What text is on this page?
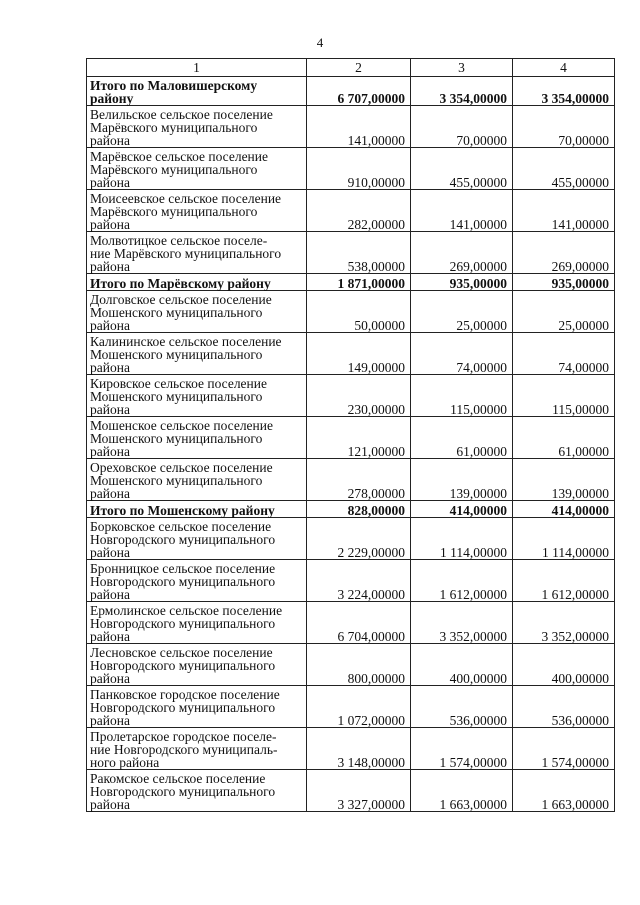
4
1	2	3	4
Итого по Маловишерскому
району	6 707,00000	3 354,00000	3 354,00000
Велильское сельское поселение
Марёвского муниципального
района	141,00000	70,00000	70,00000
Марёвское сельское поселение
Марёвского муниципального
района	910,00000	455,00000	455,00000
Моисеевское сельское поселение
Марёвского муниципального
района	282,00000	141,00000	141,00000
Молвотицкое сельское поселе-
ние Марёвского муниципального
района	538,00000	269,00000	269,00000
Итого по Марёвскому району	1 871,00000	935,00000	935,00000
Долговское сельское поселение
Мошенского муниципального
района	50,00000	25,00000	25,00000
Калининское сельское поселение
Мошенского муниципального
района	149,00000	74,00000	74,00000
Кировское сельское поселение
Мошенского муниципального
района	230,00000	115,00000	115,00000
Мошенское сельское поселение
Мошенского муниципального
района	121,00000	61,00000	61,00000
Ореховское сельское поселение
Мошенского муниципального
района	278,00000	139,00000	139,00000
Итого по Мошенскому району	828,00000	414,00000	414,00000
Борковское сельское поселение
Новгородского муниципального
района	2 229,00000	1 114,00000	1 114,00000
Бронницкое сельское поселение
Новгородского муниципального
района	3 224,00000	1 612,00000	1 612,00000
Ермолинское сельское поселение
Новгородского муниципального
района	6 704,00000	3 352,00000	3 352,00000
Лесновское сельское поселение
Новгородского муниципального
района	800,00000	400,00000	400,00000
Панковское городское поселение
Новгородского муниципального
района	1 072,00000	536,00000	536,00000
Пролетарское городское поселе-
ние Новгородского муниципаль-
ного района	3 148,00000	1 574,00000	1 574,00000
Ракомское сельское поселение
Новгородского муниципального
района	3 327,00000	1 663,00000	1 663,00000
